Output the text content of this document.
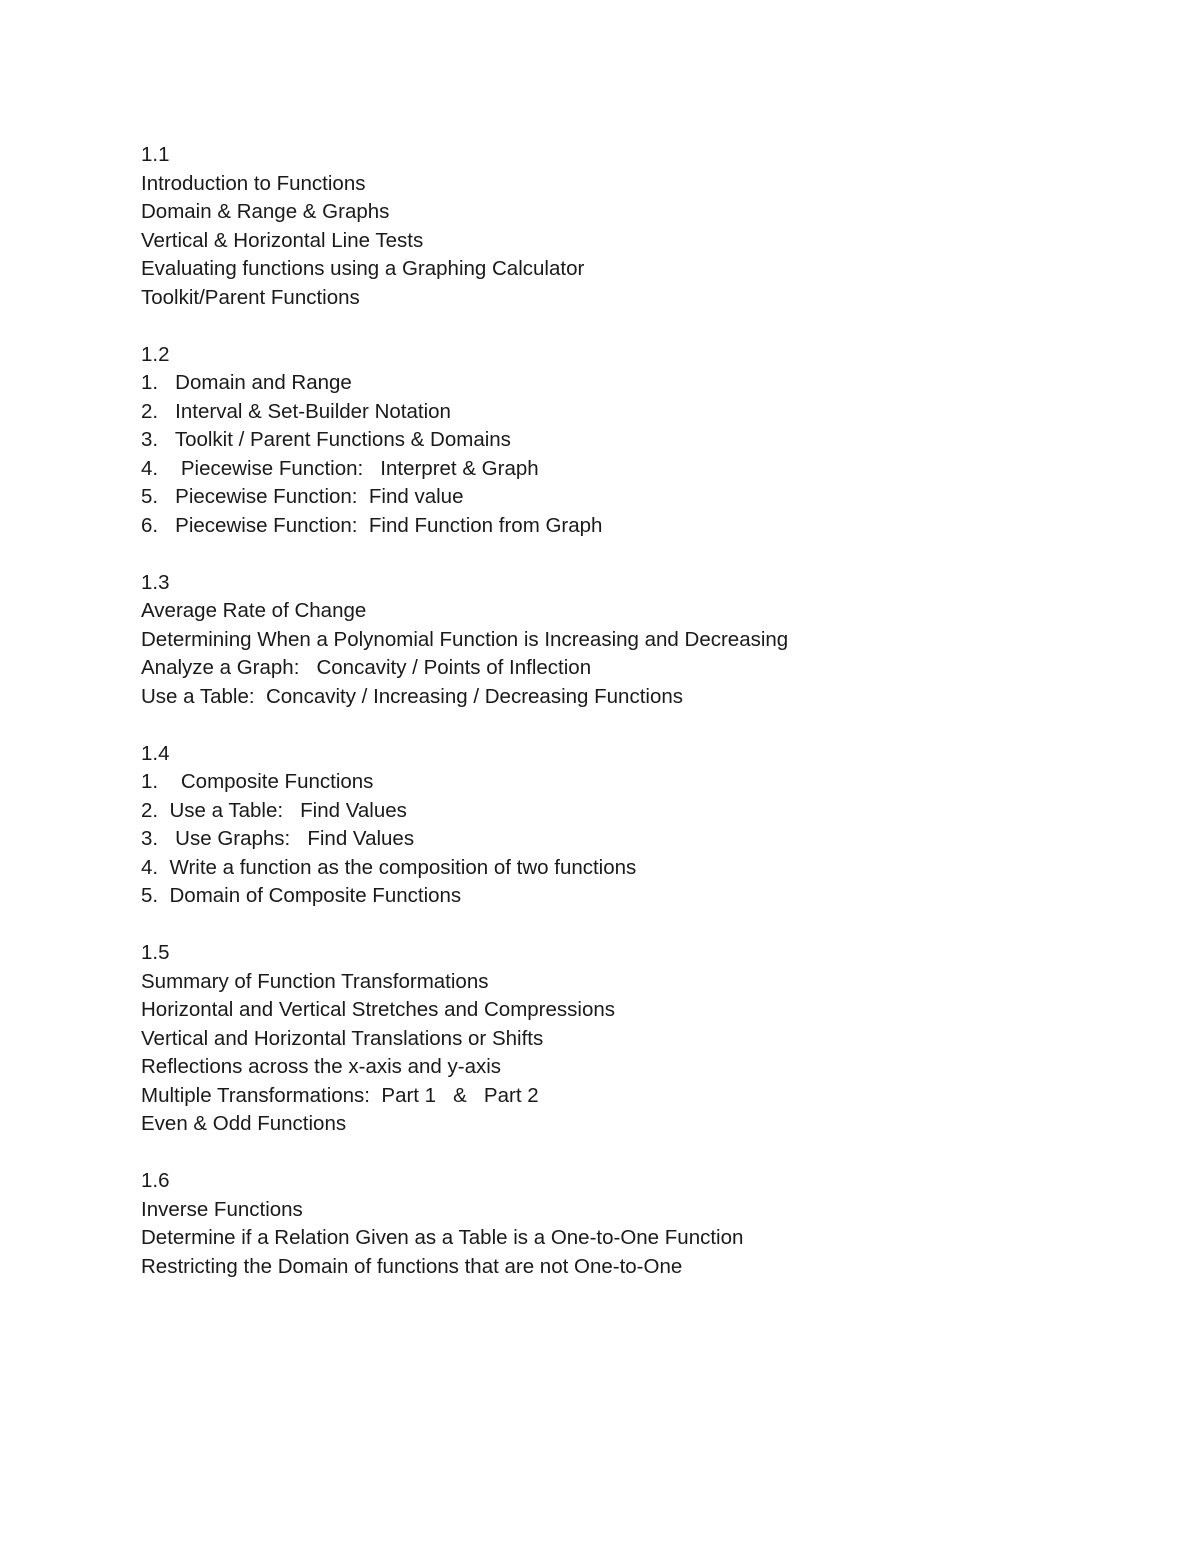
1.1
Introduction to Functions
Domain & Range & Graphs
Vertical & Horizontal Line Tests
Evaluating functions using a Graphing Calculator
Toolkit/Parent Functions
1.2
1.   Domain and Range
2.   Interval & Set-Builder Notation
3.   Toolkit / Parent Functions & Domains
4.    Piecewise Function:   Interpret & Graph
5.   Piecewise Function:  Find value
6.   Piecewise Function:  Find Function from Graph
1.3
Average Rate of Change
Determining When a Polynomial Function is Increasing and Decreasing
Analyze a Graph:   Concavity / Points of Inflection
Use a Table:  Concavity / Increasing / Decreasing Functions
1.4
1.    Composite Functions
2.  Use a Table:   Find Values
3.   Use Graphs:   Find Values
4.  Write a function as the composition of two functions
5.  Domain of Composite Functions
1.5
Summary of Function Transformations
Horizontal and Vertical Stretches and Compressions
Vertical and Horizontal Translations or Shifts
Reflections across the x-axis and y-axis
Multiple Transformations:  Part 1   &   Part 2
Even & Odd Functions
1.6
Inverse Functions
Determine if a Relation Given as a Table is a One-to-One Function
Restricting the Domain of functions that are not One-to-One
